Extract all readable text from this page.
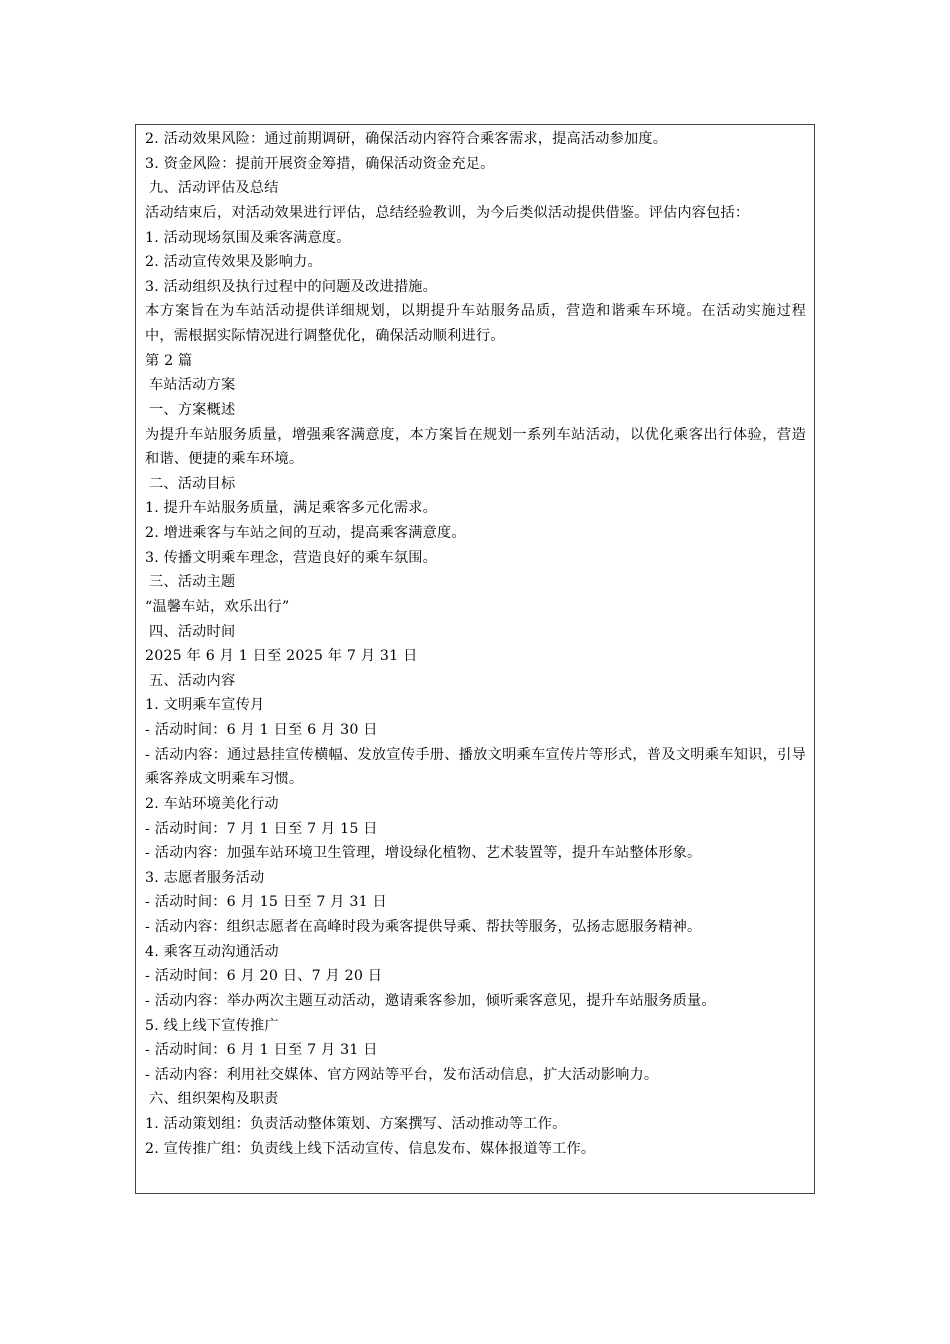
2. 活动效果风险：通过前期调研，确保活动内容符合乘客需求，提高活动参加度。
3. 资金风险：提前开展资金筹措，确保活动资金充足。
九、活动评估及总结
活动结束后，对活动效果进行评估，总结经验教训，为今后类似活动提供借鉴。评估内容包括：
1. 活动现场氛围及乘客满意度。
2. 活动宣传效果及影响力。
3. 活动组织及执行过程中的问题及改进措施。
本方案旨在为车站活动提供详细规划，以期提升车站服务品质，营造和谐乘车环境。在活动实施过程中，需根据实际情况进行调整优化，确保活动顺利进行。
第 2 篇
车站活动方案
一、方案概述
为提升车站服务质量，增强乘客满意度，本方案旨在规划一系列车站活动，以优化乘客出行体验，营造和谐、便捷的乘车环境。
二、活动目标
1. 提升车站服务质量，满足乘客多元化需求。
2. 增进乘客与车站之间的互动，提高乘客满意度。
3. 传播文明乘车理念，营造良好的乘车氛围。
三、活动主题
“温馨车站，欢乐出行”
四、活动时间
2025 年 6 月 1 日至 2025 年 7 月 31 日
五、活动内容
1. 文明乘车宣传月
- 活动时间：6 月 1 日至 6 月 30 日
- 活动内容：通过悬挂宣传横幅、发放宣传手册、播放文明乘车宣传片等形式，普及文明乘车知识，引导乘客养成文明乘车习惯。
2. 车站环境美化行动
- 活动时间：7 月 1 日至 7 月 15 日
- 活动内容：加强车站环境卫生管理，增设绿化植物、艺术装置等，提升车站整体形象。
3. 志愿者服务活动
- 活动时间：6 月 15 日至 7 月 31 日
- 活动内容：组织志愿者在高峰时段为乘客提供导乘、帮扶等服务，弘扬志愿服务精神。
4. 乘客互动沟通活动
- 活动时间：6 月 20 日、7 月 20 日
- 活动内容：举办两次主题互动活动，邀请乘客参加，倾听乘客意见，提升车站服务质量。
5. 线上线下宣传推广
- 活动时间：6 月 1 日至 7 月 31 日
- 活动内容：利用社交媒体、官方网站等平台，发布活动信息，扩大活动影响力。
六、组织架构及职责
1. 活动策划组：负责活动整体策划、方案撰写、活动推动等工作。
2. 宣传推广组：负责线上线下活动宣传、信息发布、媒体报道等工作。
